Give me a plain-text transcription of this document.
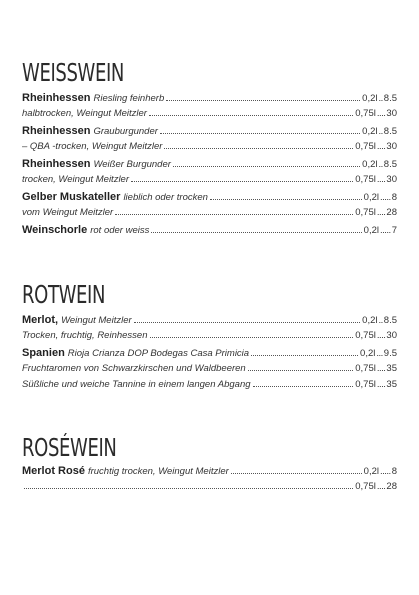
WEISSWEIN
Rheinhessen Riesling feinherb	0,2l .. 8.5
halbtrocken, Weingut Meitzler	0,75l .... 30
Rheinhessen Grauburgunder	0,2l .. 8.5
– QBA -trocken, Weingut Meitzler	0,75l .... 30
Rheinhessen Weißer Burgunder	0,2l .. 8.5
trocken, Weingut Meitzler	0,75l .... 30
Gelber Muskateller lieblich oder trocken	0,2l ..... 8
vom Weingut Meitzler	0,75l .... 28
Weinschorle rot oder weiss	0,2l ..... 7
ROTWEIN
Merlot, Weingut Meitzler	0,2l .. 8.5
Trocken, fruchtig, Reinhessen	0,75l .... 30
Spanien Rioja Crianza DOP Bodegas Casa Primicia	0,2l ... 9.5
Fruchtaromen von Schwarzkirschen und Waldbeeren	0,75l .... 35
Süßliche und weiche Tannine in einem langen Abgang	0,75l .... 35
ROSÉWEIN
Merlot Rosé fruchtig trocken, Weingut Meitzler	0,2l ..... 8
0,75l .... 28
